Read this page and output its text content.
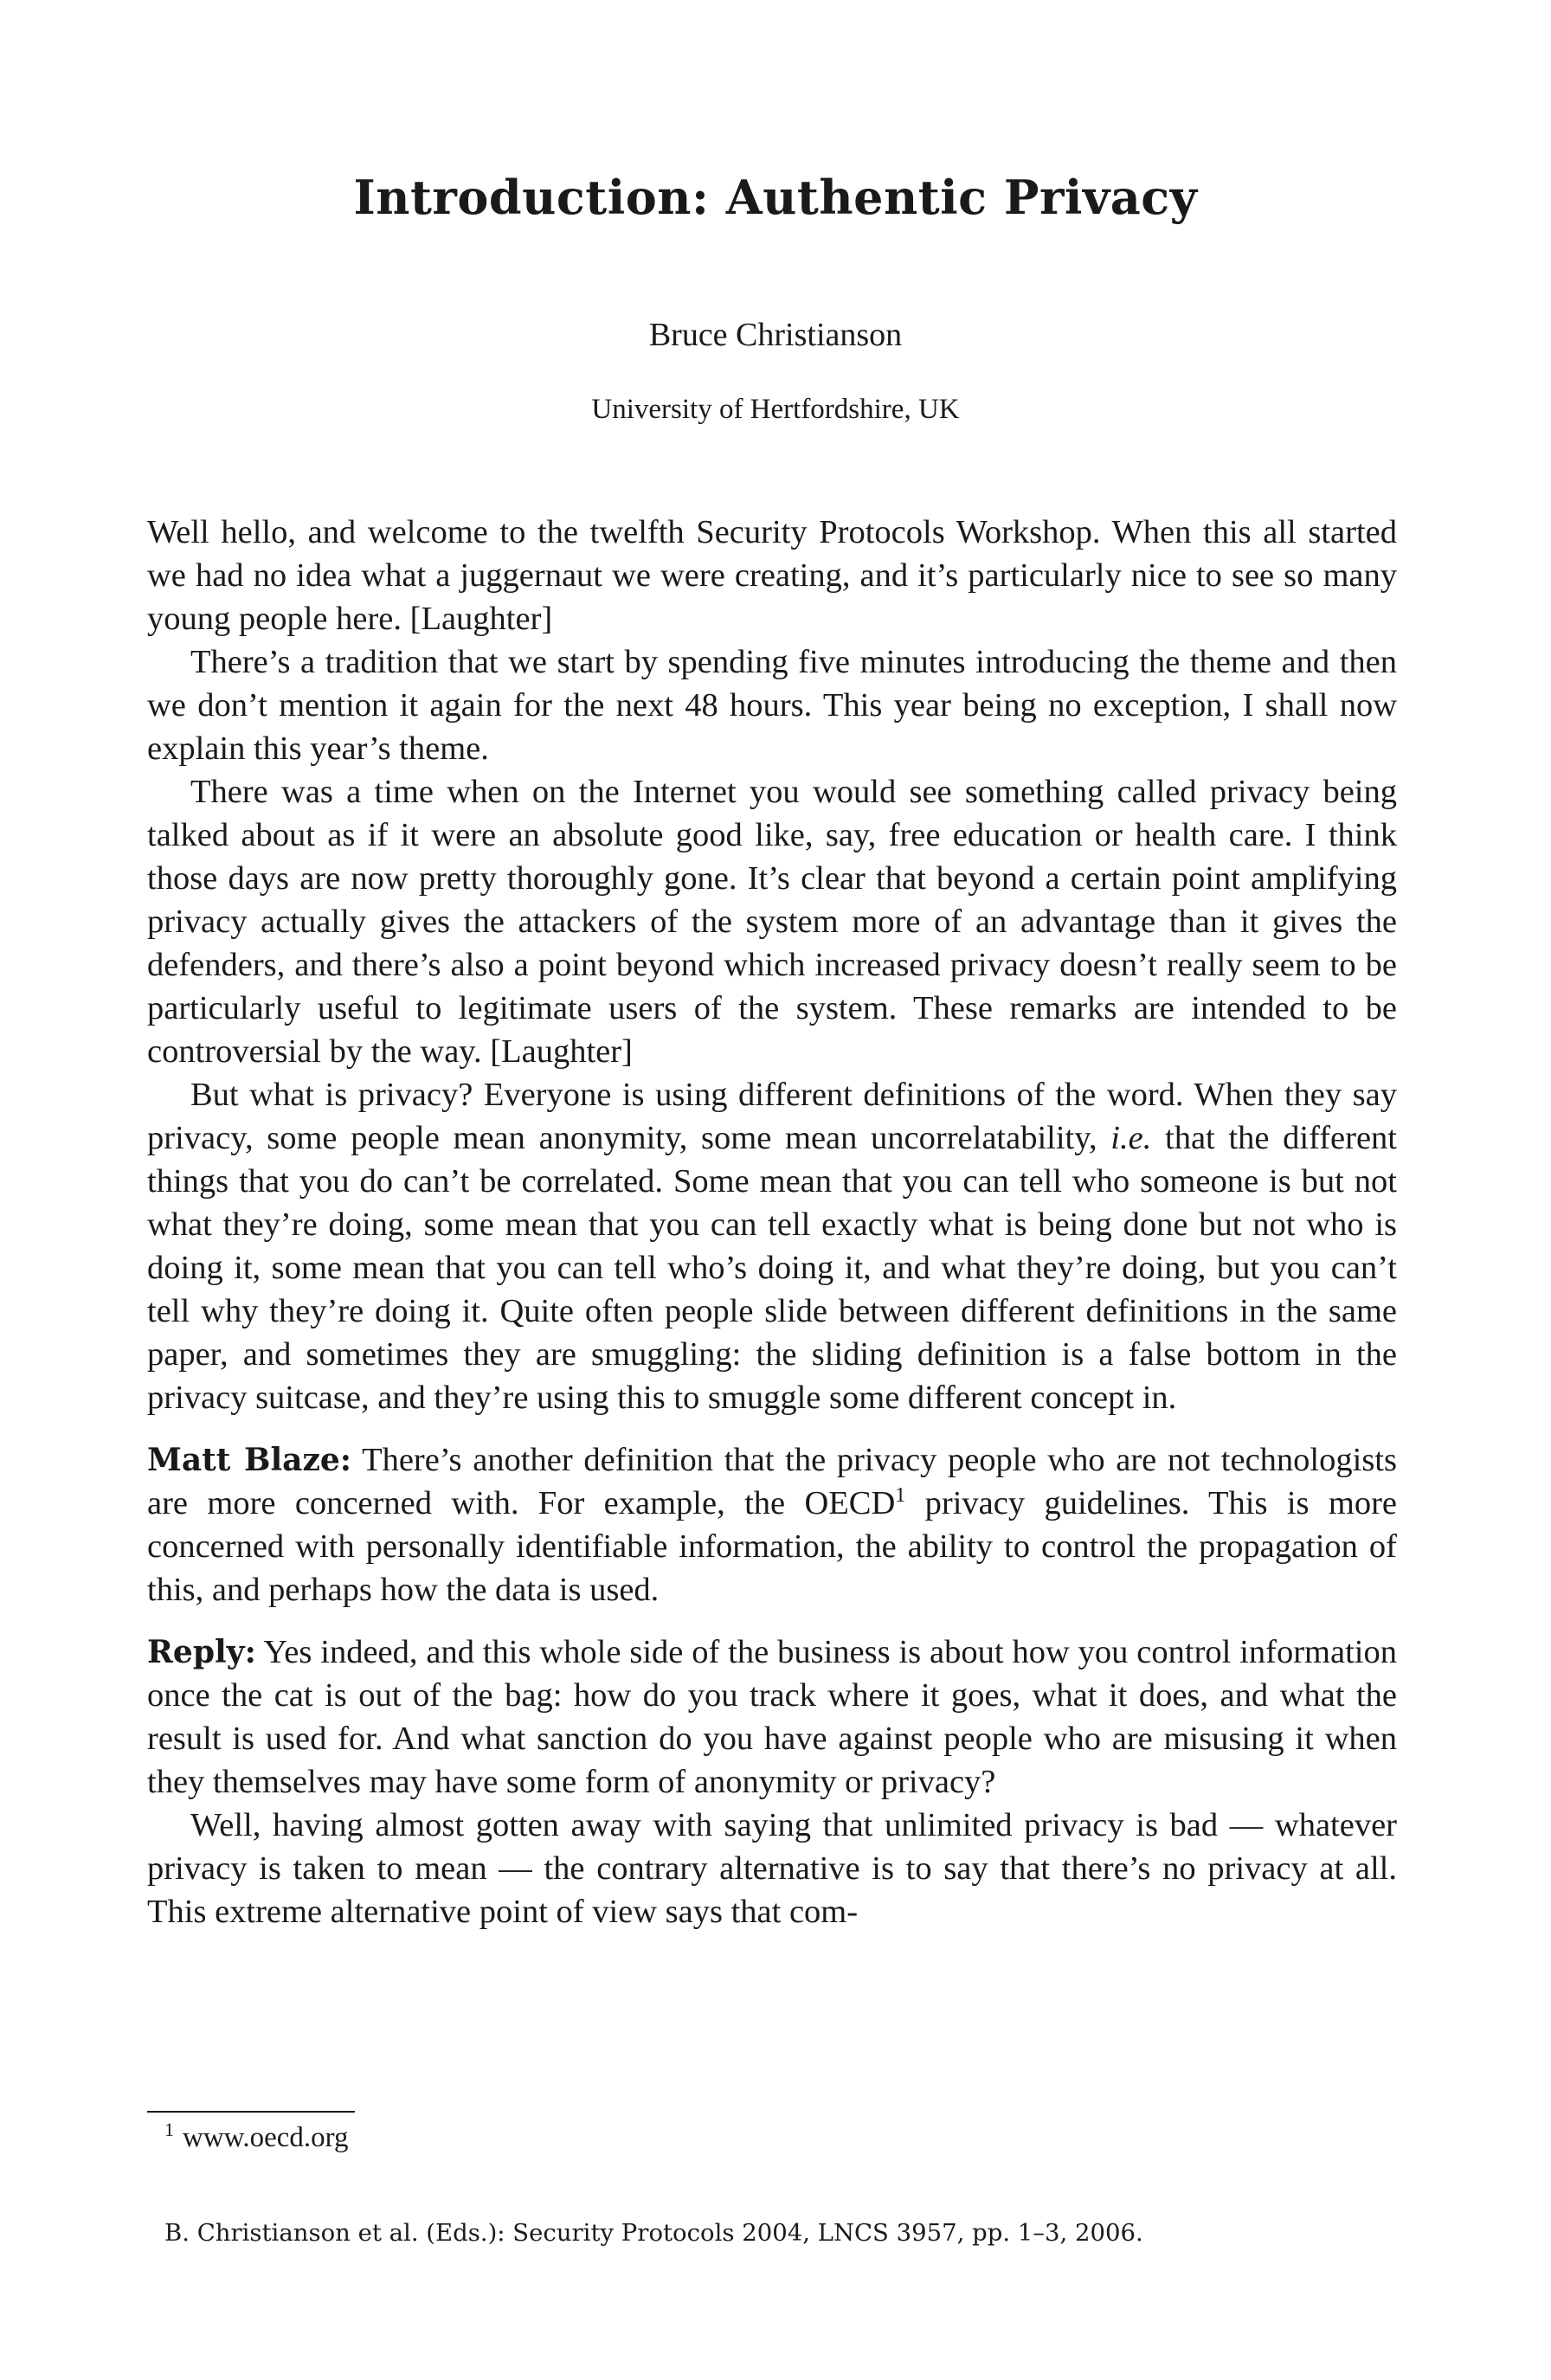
Introduction: Authentic Privacy

Bruce Christianson

University of Hertfordshire, UK

Well hello, and welcome to the twelfth Security Protocols Workshop. When this all started we had no idea what a juggernaut we were creating, and it’s particularly nice to see so many young people here. [Laughter]

There’s a tradition that we start by spending five minutes introducing the theme and then we don’t mention it again for the next 48 hours. This year being no exception, I shall now explain this year’s theme.

There was a time when on the Internet you would see something called privacy being talked about as if it were an absolute good like, say, free education or health care. I think those days are now pretty thoroughly gone. It’s clear that beyond a certain point amplifying privacy actually gives the attackers of the system more of an advantage than it gives the defenders, and there’s also a point beyond which increased privacy doesn’t really seem to be particularly useful to legitimate users of the system. These remarks are intended to be controversial by the way. [Laughter]

But what is privacy? Everyone is using different definitions of the word. When they say privacy, some people mean anonymity, some mean uncorrelatability, i.e. that the different things that you do can’t be correlated. Some mean that you can tell who someone is but not what they’re doing, some mean that you can tell exactly what is being done but not who is doing it, some mean that you can tell who’s doing it, and what they’re doing, but you can’t tell why they’re doing it. Quite often people slide between different definitions in the same paper, and sometimes they are smuggling: the sliding definition is a false bottom in the privacy suitcase, and they’re using this to smuggle some different concept in.

Matt Blaze: There’s another definition that the privacy people who are not technologists are more concerned with. For example, the OECD$^1$ privacy guidelines. This is more concerned with personally identifiable information, the ability to control the propagation of this, and perhaps how the data is used.

Reply: Yes indeed, and this whole side of the business is about how you control information once the cat is out of the bag: how do you track where it goes, what it does, and what the result is used for. And what sanction do you have against people who are misusing it when they themselves may have some form of anonymity or privacy?

Well, having almost gotten away with saying that unlimited privacy is bad — whatever privacy is taken to mean — the contrary alternative is to say that there’s no privacy at all. This extreme alternative point of view says that com-

$^1$ www.oecd.org
B. Christianson et al. (Eds.): Security Protocols 2004, LNCS 3957, pp. 1–3, 2006.
